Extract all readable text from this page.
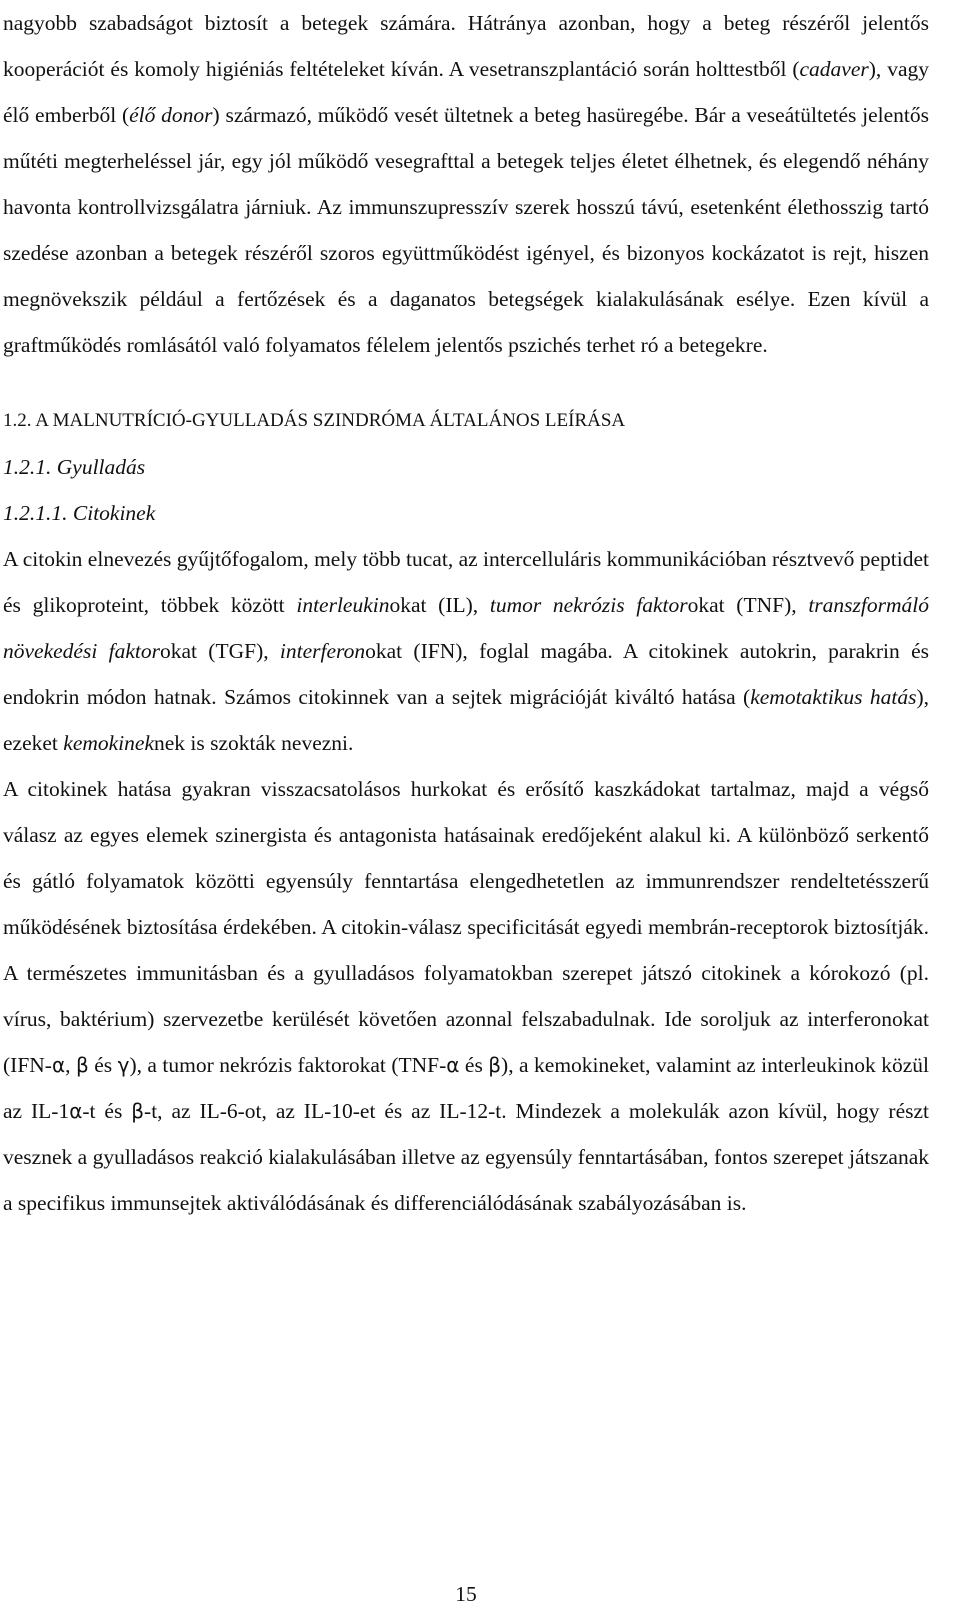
nagyobb szabadságot biztosít a betegek számára. Hátránya azonban, hogy a beteg részéről jelentős kooperációt és komoly higiéniás feltételeket kíván. A vesetranszplantáció során holttestből (cadaver), vagy élő emberből (élő donor) származó, működő vesét ültetnek a beteg hasüregébe. Bár a veseátültetés jelentős műtéti megterheléssel jár, egy jól működő vesegrafttal a betegek teljes életet élhetnek, és elegendő néhány havonta kontrollvizsgálatra járniuk. Az immunszupresszív szerek hosszú távú, esetenként élethosszig tartó szedése azonban a betegek részéről szoros együttműködést igényel, és bizonyos kockázatot is rejt, hiszen megnövekszik például a fertőzések és a daganatos betegségek kialakulásának esélye. Ezen kívül a graftműködés romlásától való folyamatos félelem jelentős pszichés terhet ró a betegekre.

1.2. A MALNUTRÍCIÓ-GYULLADÁS SZINDRÓMA ÁLTALÁNOS LEÍRÁSA
1.2.1. Gyulladás
1.2.1.1. Citokinek

A citokin elnevezés gyűjtőfogalom, mely több tucat, az intercelluláris kommunikációban résztvevő peptidet és glikoproteint, többek között interleukinokat (IL), tumor nekrózis faktorokat (TNF), transzformáló növekedési faktorokat (TGF), interferonokat (IFN), foglal magába. A citokinek autokrin, parakrin és endokrin módon hatnak. Számos citokinnek van a sejtek migrációját kiváltó hatása (kemotaktikus hatás), ezeket kemokineknek is szokták nevezni.

A citokinek hatása gyakran visszacsatolásos hurkokat és erősítő kaszkádokat tartalmaz, majd a végső válasz az egyes elemek szinergista és antagonista hatásainak eredőjeként alakul ki. A különböző serkentő és gátló folyamatok közötti egyensúly fenntartása elengedhetetlen az immunrendszer rendeltetésszerű működésének biztosítása érdekében. A citokin-válasz specificitását egyedi membrán-receptorok biztosítják. A természetes immunitásban és a gyulladásos folyamatokban szerepet játszó citokinek a kórokozó (pl. vírus, baktérium) szervezetbe kerülését követően azonnal felszabadulnak. Ide soroljuk az interferonokat (IFN-α, β és γ), a tumor nekrózis faktorokat (TNF-α és β), a kemokineket, valamint az interleukinok közül az IL-1α-t és β-t, az IL-6-ot, az IL-10-et és az IL-12-t. Mindezek a molekulák azon kívül, hogy részt vesznek a gyulladásos reakció kialakulásában illetve az egyensúly fenntartásában, fontos szerepet játszanak a specifikus immunsejtek aktiválódásának és differenciálódásának szabályozásában is.

15
